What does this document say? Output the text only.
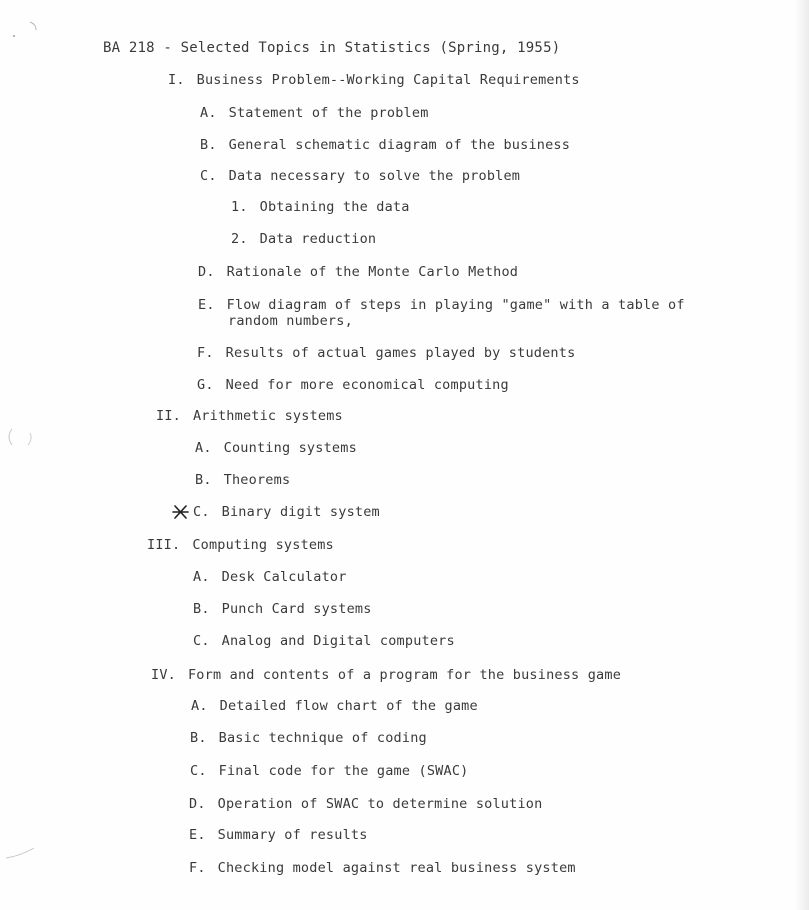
BA 218 - Selected Topics in Statistics (Spring, 1955)
I. Business Problem--Working Capital Requirements
A. Statement of the problem
B. General schematic diagram of the business
C. Data necessary to solve the problem
1. Obtaining the data
2. Data reduction
D. Rationale of the Monte Carlo Method
E. Flow diagram of steps in playing "game" with a table of
random numbers,
F. Results of actual games played by students
G. Need for more economical computing
II. Arithmetic systems
A. Counting systems
B. Theorems
C. Binary digit system
III. Computing systems
A. Desk Calculator
B. Punch Card systems
C. Analog and Digital computers
IV. Form and contents of a program for the business game
A. Detailed flow chart of the game
B. Basic technique of coding
C. Final code for the game (SWAC)
D. Operation of SWAC to determine solution
E. Summary of results
F. Checking model against real business system
